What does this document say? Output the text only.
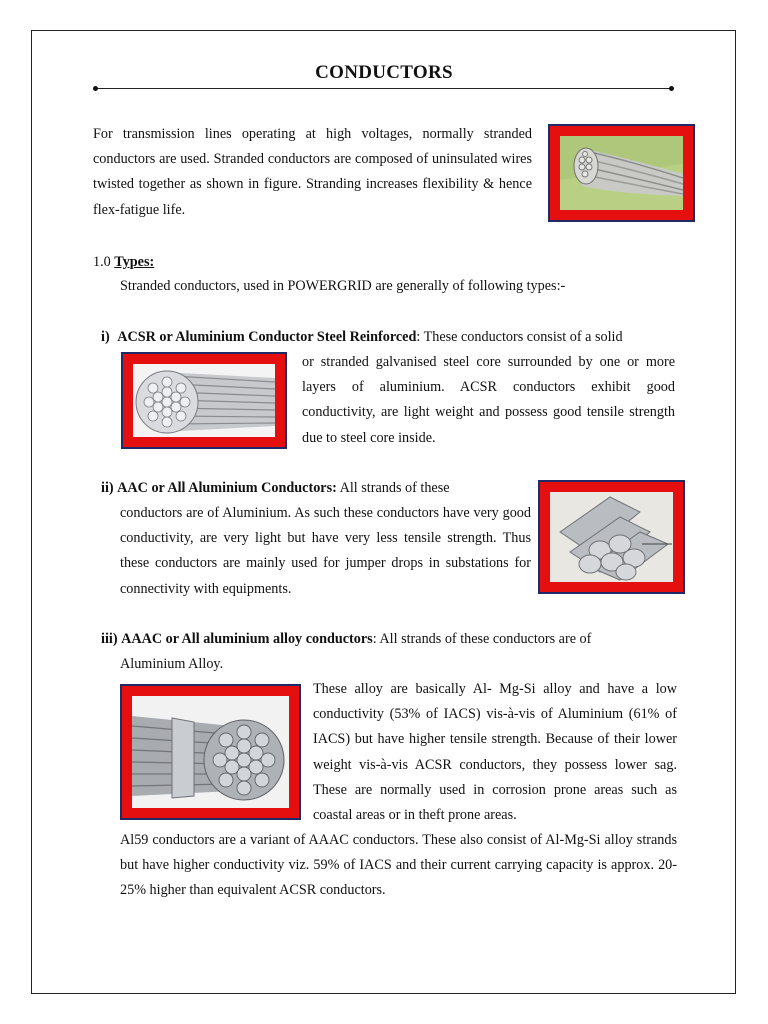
CONDUCTORS
For transmission lines operating at high voltages, normally stranded conductors are used. Stranded conductors are composed of uninsulated wires twisted together as shown in figure. Stranding increases flexibility & hence flex-fatigue life.
1.0 Types:
Stranded conductors, used in POWERGRID are generally of following types:-
i) ACSR or Aluminium Conductor Steel Reinforced: These conductors consist of a solid
or stranded galvanised steel core surrounded by one or more layers of aluminium. ACSR conductors exhibit good conductivity, are light weight and possess good tensile strength due to steel core inside.
ii) AAC or All Aluminium Conductors: All strands of these
conductors are of Aluminium. As such these conductors have very good conductivity, are very light but have very less tensile strength. Thus these conductors are mainly used for jumper drops in substations for connectivity with equipments.
iii) AAAC or All aluminium alloy conductors: All strands of these conductors are of
Aluminium Alloy.
These alloy are basically Al- Mg-Si alloy and have a low conductivity (53% of IACS) vis-à-vis of Aluminium (61% of IACS) but have higher tensile strength. Because of their lower weight vis-à-vis ACSR conductors, they possess lower sag. These are normally used in corrosion prone areas such as coastal areas or in theft prone areas.
Al59 conductors are a variant of AAAC conductors. These also consist of Al-Mg-Si alloy strands but have higher conductivity viz. 59% of IACS and their current carrying capacity is approx. 20-25% higher than equivalent ACSR conductors.
